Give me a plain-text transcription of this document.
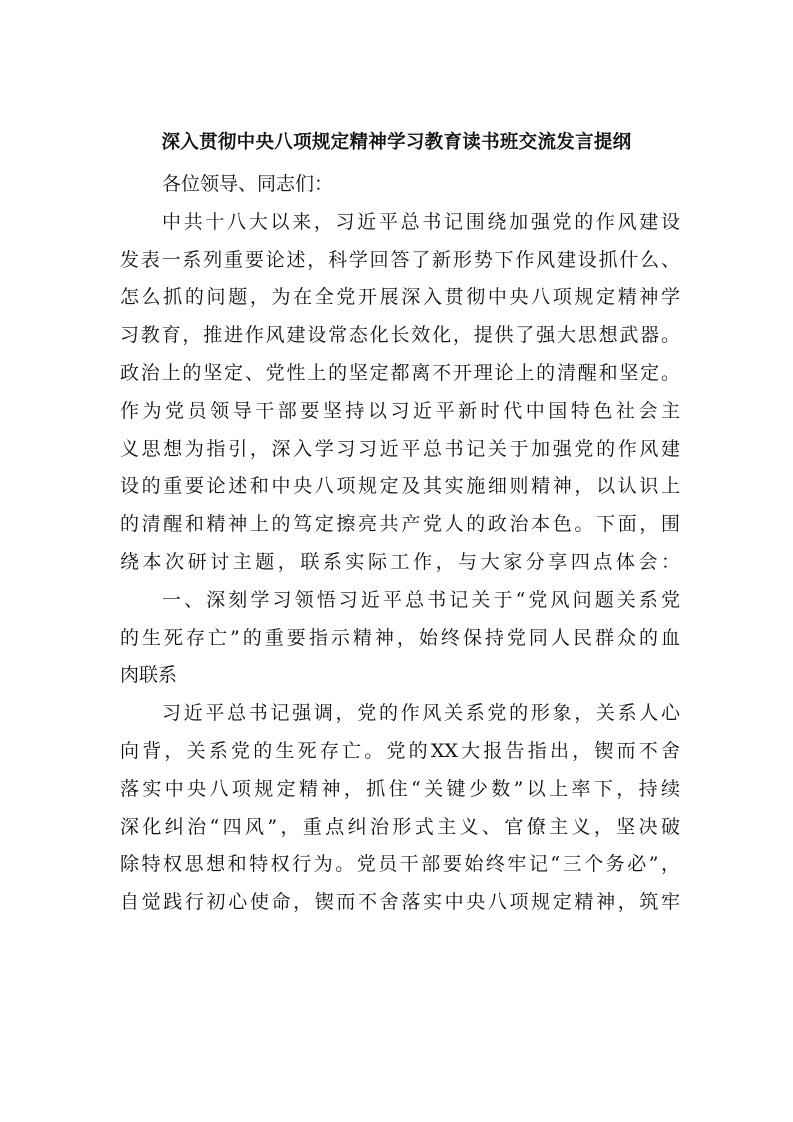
深入贯彻中央八项规定精神学习教育读书班交流发言提纲
各位领导、同志们：
中共十八大以来，习近平总书记围绕加强党的作风建设
发表一系列重要论述，科学回答了新形势下作风建设抓什么、
怎么抓的问题，为在全党开展深入贯彻中央八项规定精神学
习教育，推进作风建设常态化长效化，提供了强大思想武器。
政治上的坚定、党性上的坚定都离不开理论上的清醒和坚定。
作为党员领导干部要坚持以习近平新时代中国特色社会主
义思想为指引，深入学习习近平总书记关于加强党的作风建
设的重要论述和中央八项规定及其实施细则精神，以认识上
的清醒和精神上的笃定擦亮共产党人的政治本色。下面，围
绕本次研讨主题，联系实际工作，与大家分享四点体会：
一、深刻学习领悟习近平总书记关于“党风问题关系党
的生死存亡”的重要指示精神，始终保持党同人民群众的血
肉联系
习近平总书记强调，党的作风关系党的形象，关系人心
向背，关系党的生死存亡。党的XX大报告指出，锲而不舍
落实中央八项规定精神，抓住“关键少数”以上率下，持续
深化纠治“四风”，重点纠治形式主义、官僚主义，坚决破
除特权思想和特权行为。党员干部要始终牢记“三个务必”，
自觉践行初心使命，锲而不舍落实中央八项规定精神，筑牢
